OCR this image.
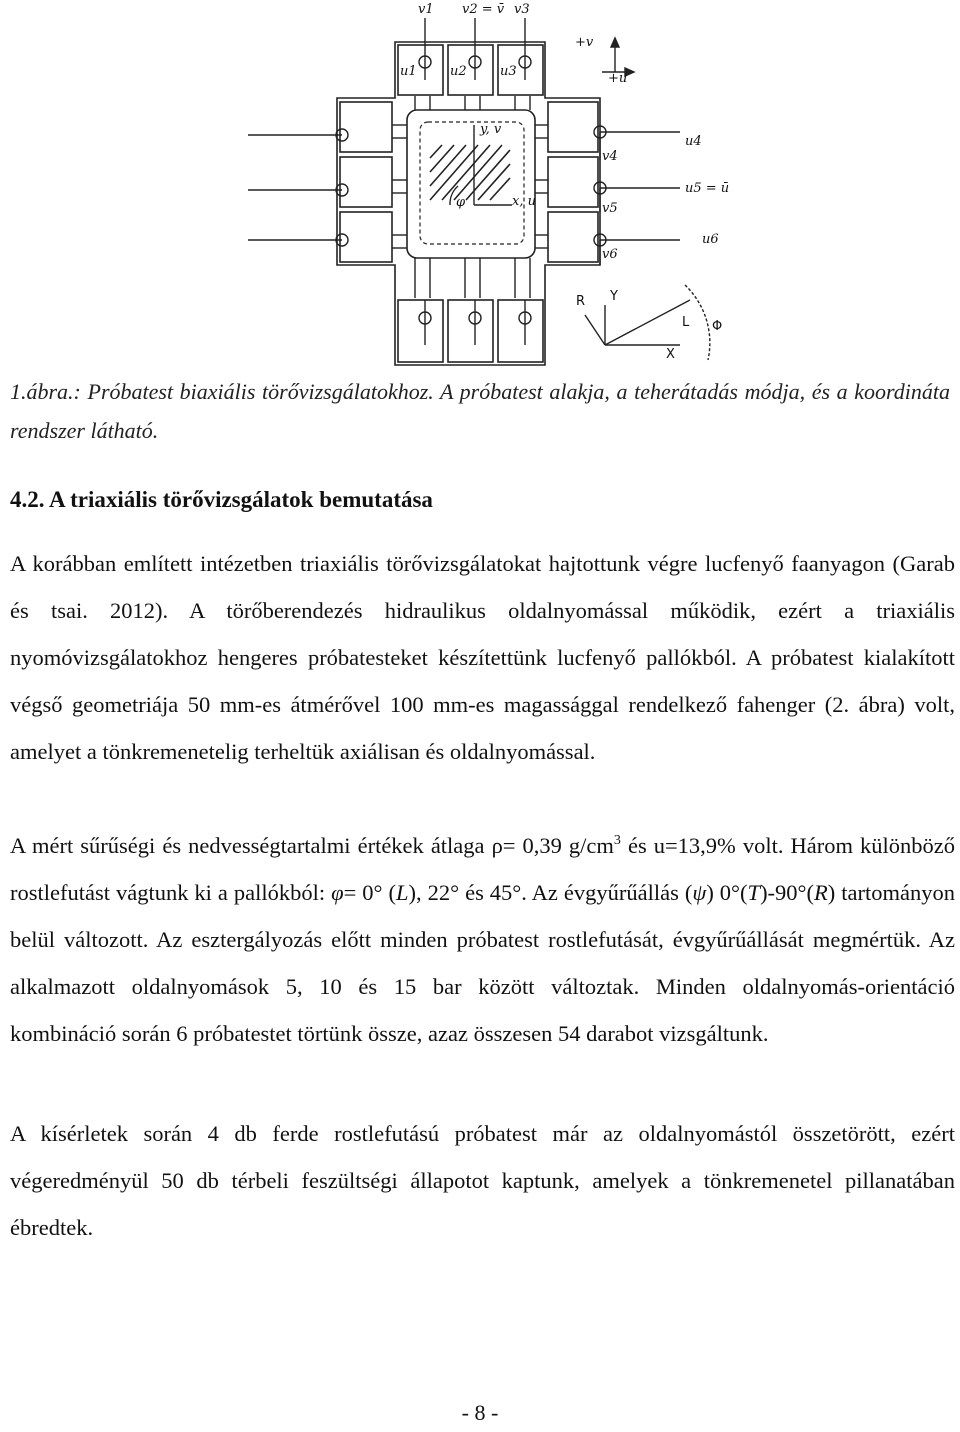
v1 v2 = v̄ v3
+v
+u
u1	u2	u3
y, v
x, u
φ
u4
u5 = ū
u6
v4
v5
v6
R Y
L
X
Φ
1.ábra.: Próbatest biaxiális törővizsgálatokhoz. A próbatest alakja, a teherátadás módja, és a koordináta rendszer látható.
4.2. A triaxiális törővizsgálatok bemutatása
A korábban említett intézetben triaxiális törővizsgálatokat hajtottunk végre lucfenyő faanyagon (Garab és tsai. 2012). A törőberendezés hidraulikus oldalnyomással működik, ezért a triaxiális nyomóvizsgálatokhoz hengeres próbatesteket készítettünk lucfenyő pallókból. A próbatest kialakított végső geometriája 50 mm-es átmérővel 100 mm-es magassággal rendelkező fahenger (2. ábra) volt, amelyet a tönkremenetelig terheltük axiálisan és oldalnyomással.
A mért sűrűségi és nedvességtartalmi értékek átlaga ρ= 0,39 $g/cm^3$ és u=13,9% volt. Három különböző rostlefutást vágtunk ki a pallókból: φ= 0° (L), 22° és 45°. Az évgyűrűállás (ψ) 0°(T)-90°(R) tartományon belül változott. Az esztergályozás előtt minden próbatest rostlefutását, évgyűrűállását megmértük. Az alkalmazott oldalnyomások 5, 10 és 15 bar között változtak. Minden oldalnyomás-orientáció kombináció során 6 próbatestet törtünk össze, azaz összesen 54 darabot vizsgáltunk.
A kísérletek során 4 db ferde rostlefutású próbatest már az oldalnyomástól összetörött, ezért végeredményül 50 db térbeli feszültségi állapotot kaptunk, amelyek a tönkremenetel pillanatában ébredtek.
- 8 -
